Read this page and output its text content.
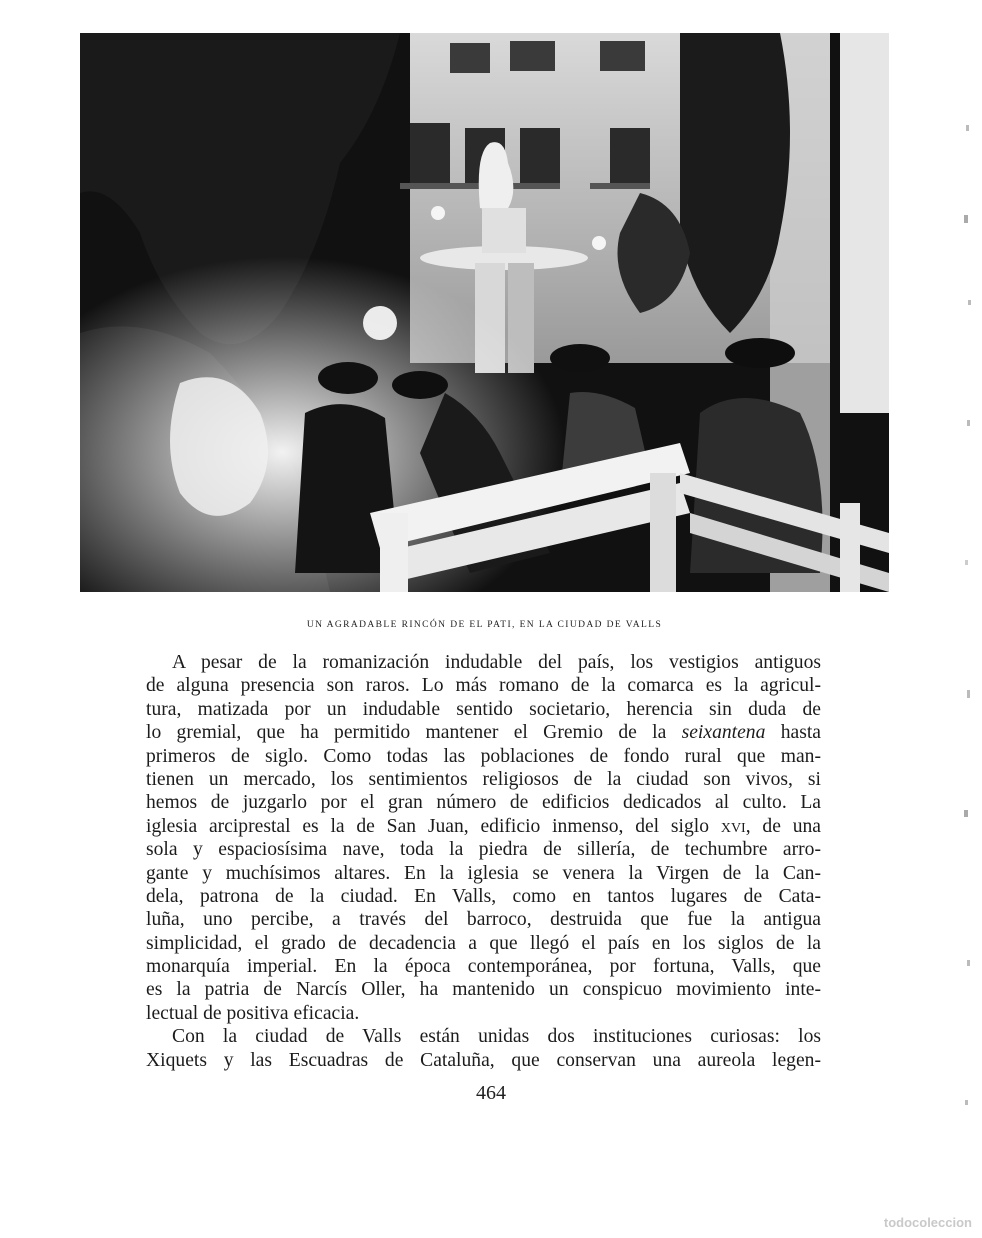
UN AGRADABLE RINCÓN DE EL PATI, EN LA CIUDAD DE VALLS
A pesar de la romanización indudable del país, los vestigios antiguos
de alguna presencia son raros. Lo más romano de la comarca es la agricul-
tura, matizada por un indudable sentido societario, herencia sin duda de
lo gremial, que ha permitido mantener el Gremio de la seixantena hasta
primeros de siglo. Como todas las poblaciones de fondo rural que man-
tienen un mercado, los sentimientos religiosos de la ciudad son vivos, si
hemos de juzgarlo por el gran número de edificios dedicados al culto. La
iglesia arciprestal es la de San Juan, edificio inmenso, del siglo xvi, de una
sola y espaciosísima nave, toda la piedra de sillería, de techumbre arro-
gante y muchísimos altares. En la iglesia se venera la Virgen de la Can-
dela, patrona de la ciudad. En Valls, como en tantos lugares de Cata-
luña, uno percibe, a través del barroco, destruida que fue la antigua
simplicidad, el grado de decadencia a que llegó el país en los siglos de la
monarquía imperial. En la época contemporánea, por fortuna, Valls, que
es la patria de Narcís Oller, ha mantenido un conspicuo movimiento inte-
lectual de positiva eficacia.
Con la ciudad de Valls están unidas dos instituciones curiosas: los
Xiquets y las Escuadras de Cataluña, que conservan una aureola legen-
464
todocoleccion
